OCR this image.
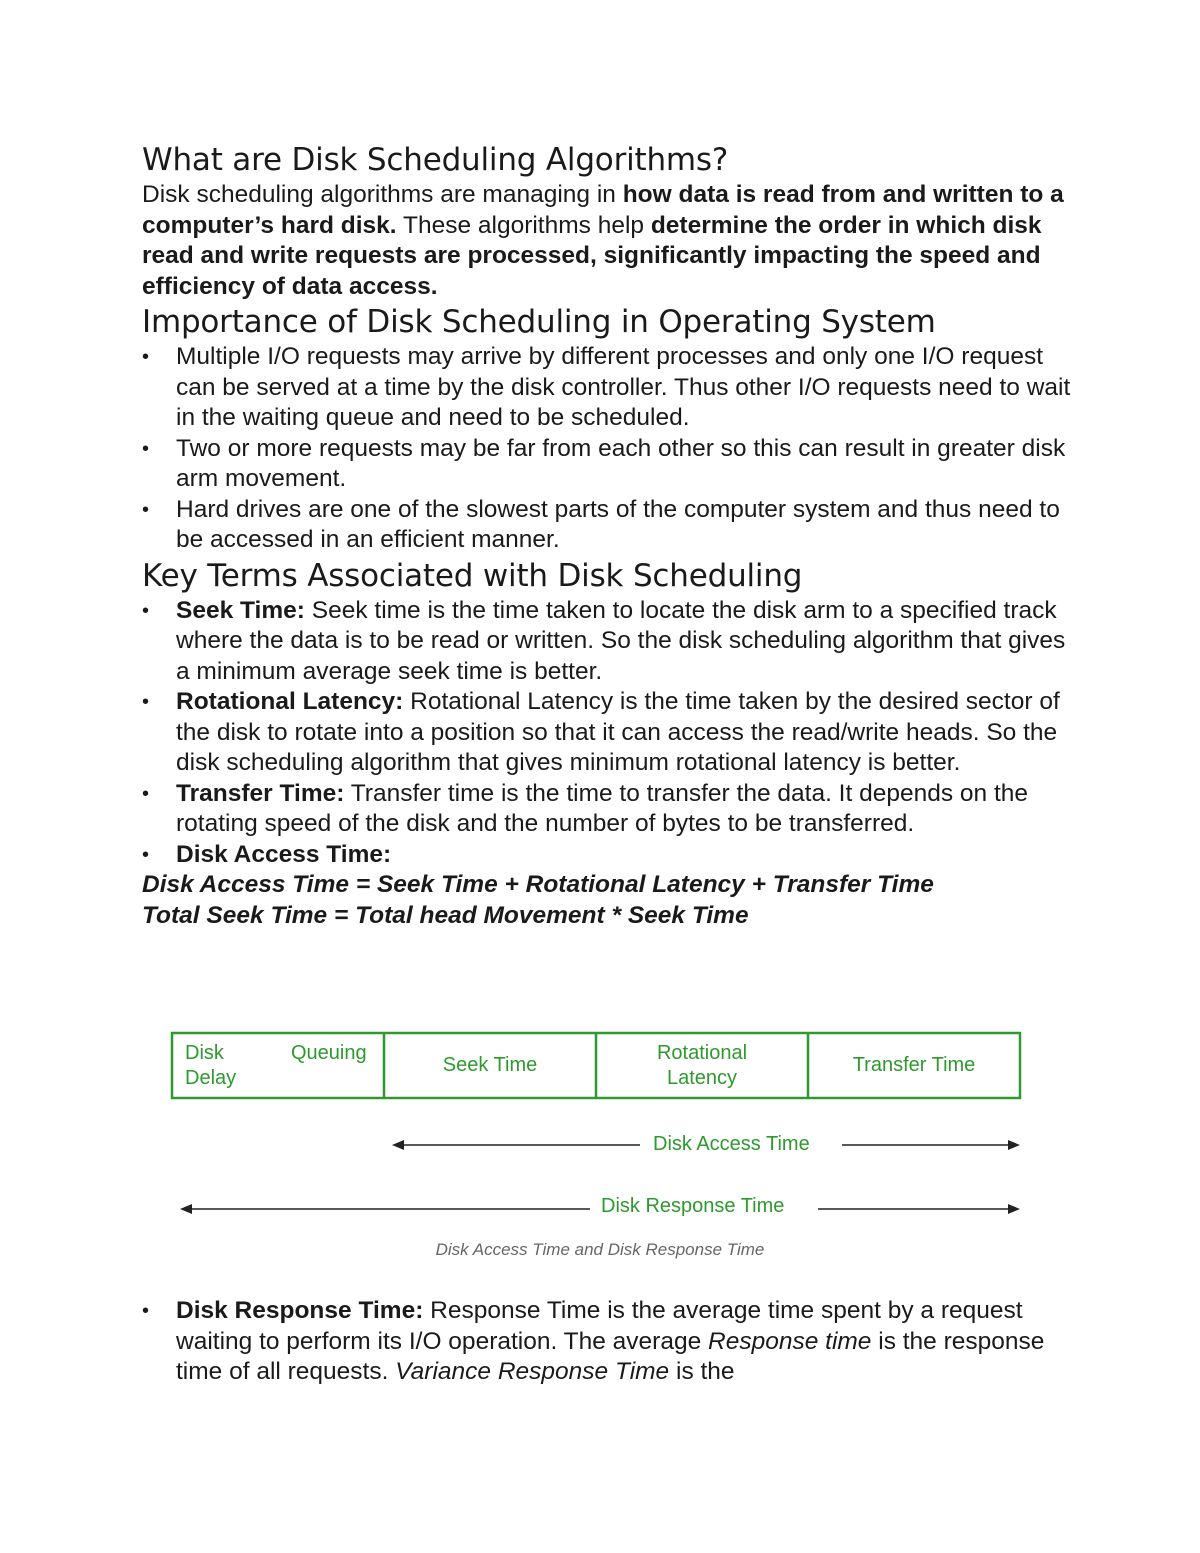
What are Disk Scheduling Algorithms?

Disk scheduling algorithms are managing in how data is read from and written to a computer’s hard disk. These algorithms help determine the order in which disk read and write requests are processed, significantly impacting the speed and efficiency of data access.

Importance of Disk Scheduling in Operating System
• Multiple I/O requests may arrive by different processes and only one I/O request can be served at a time by the disk controller. Thus other I/O requests need to wait in the waiting queue and need to be scheduled.
• Two or more requests may be far from each other so this can result in greater disk arm movement.
• Hard drives are one of the slowest parts of the computer system and thus need to be accessed in an efficient manner.
Key Terms Associated with Disk Scheduling
• Seek Time: Seek time is the time taken to locate the disk arm to a specified track where the data is to be read or written. So the disk scheduling algorithm that gives a minimum average seek time is better.
• Rotational Latency: Rotational Latency is the time taken by the desired sector of the disk to rotate into a position so that it can access the read/write heads. So the disk scheduling algorithm that gives minimum rotational latency is better.
• Transfer Time: Transfer time is the time to transfer the data. It depends on the rotating speed of the disk and the number of bytes to be transferred.
• Disk Access Time:

Disk Access Time = Seek Time + Rotational Latency + Transfer Time

Total Seek Time = Total head Movement * Seek Time

Disk	Queuing
Delay
Seek Time
Rotational
Latency
Transfer Time
Disk Access Time
Disk Response Time
Disk Access Time and Disk Response Time
• Disk Response Time: Response Time is the average time spent by a request waiting to perform its I/O operation. The average Response time is the response time of all requests. Variance Response Time is the
